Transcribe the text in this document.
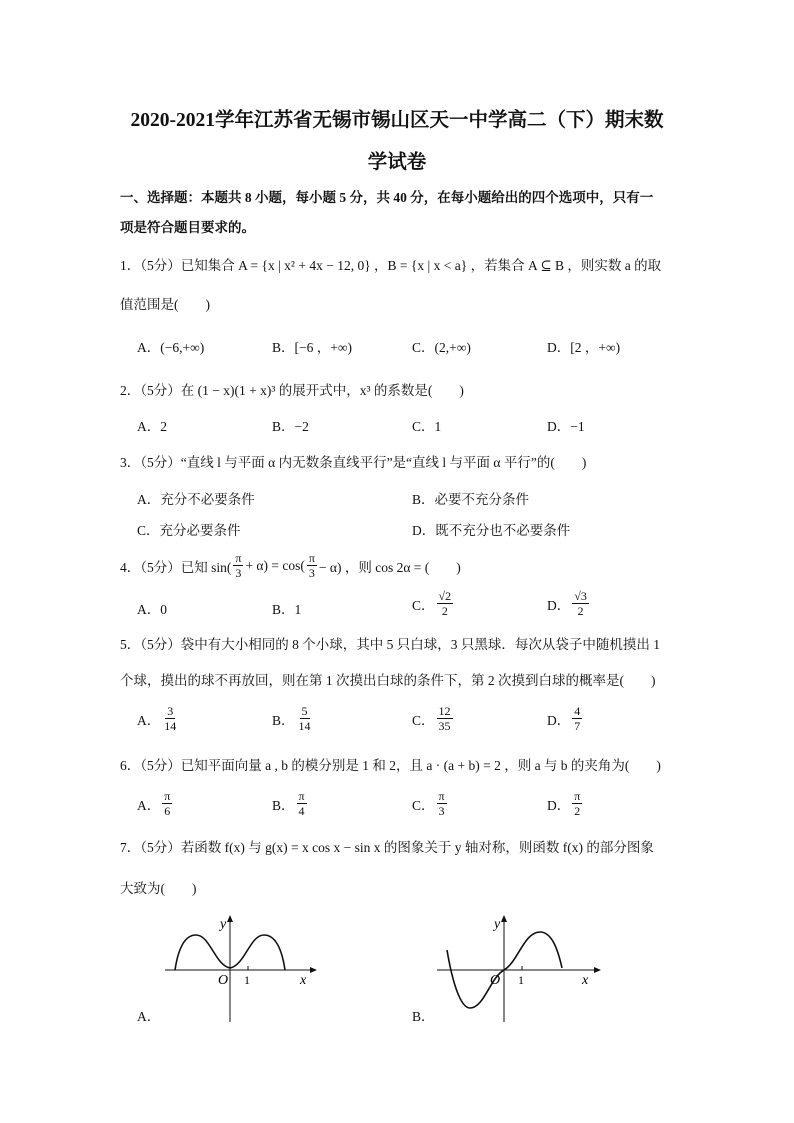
2020-2021学年江苏省无锡市锡山区天一中学高二（下）期末数
学试卷
一、选择题：本题共 8 小题，每小题 5 分，共 40 分，在每小题给出的四个选项中，只有一
项是符合题目要求的。
1．（5分）已知集合 A = {x | x² + 4x − 12, 0} ，B = {x | x < a} ，若集合 A ⊆ B ，则实数 a 的取
值范围是(　　)
A．(−6,+∞)	B．[−6 ，+∞)	C．(2,+∞)	D．[2 ，+∞)
2．（5分）在 (1 − x)(1 + x)³ 的展开式中，x³ 的系数是(　　)
A．2	B．−2	C．1	D．−1
3．（5分）“直线 l 与平面 α 内无数条直线平行”是“直线 l 与平面 α 平行”的(　　)
A．充分不必要条件	B．必要不充分条件
C．充分必要条件	D．既不充分也不必要条件
4．（5分）已知 $\sin( \frac{\pi}{3} + \alpha) = \cos( \frac{\pi}{3} - \alpha)$ ，则 cos 2α = (　　)
A．0	B．1	C． $\frac{√2}{2}$	D． $\frac{√3}{2}$
5．（5分）袋中有大小相同的 8 个小球，其中 5 只白球，3 只黑球．每次从袋子中随机摸出 1
个球，摸出的球不再放回，则在第 1 次摸出白球的条件下，第 2 次摸到白球的概率是(　　)
A． $\frac{3}{14}$	B． $\frac{5}{14}$	C． $\frac{12}{35}$	D． $\frac{4}{7}$
6．（5分）已知平面向量 a , b 的模分别是 1 和 2，且 a · (a + b) = 2 ，则 a 与 b 的夹角为(　　)
A． $\frac{\pi}{6}$	B． $\frac{\pi}{4}$	C． $\frac{\pi}{3}$	D． $\frac{\pi}{2}$
7．（5分）若函数 f(x) 与 g(x) = x cos x − sin x 的图象关于 y 轴对称，则函数 f(x) 的部分图象
大致为(　　)
A．
O 1	x
y
B．
O 1	x
y
